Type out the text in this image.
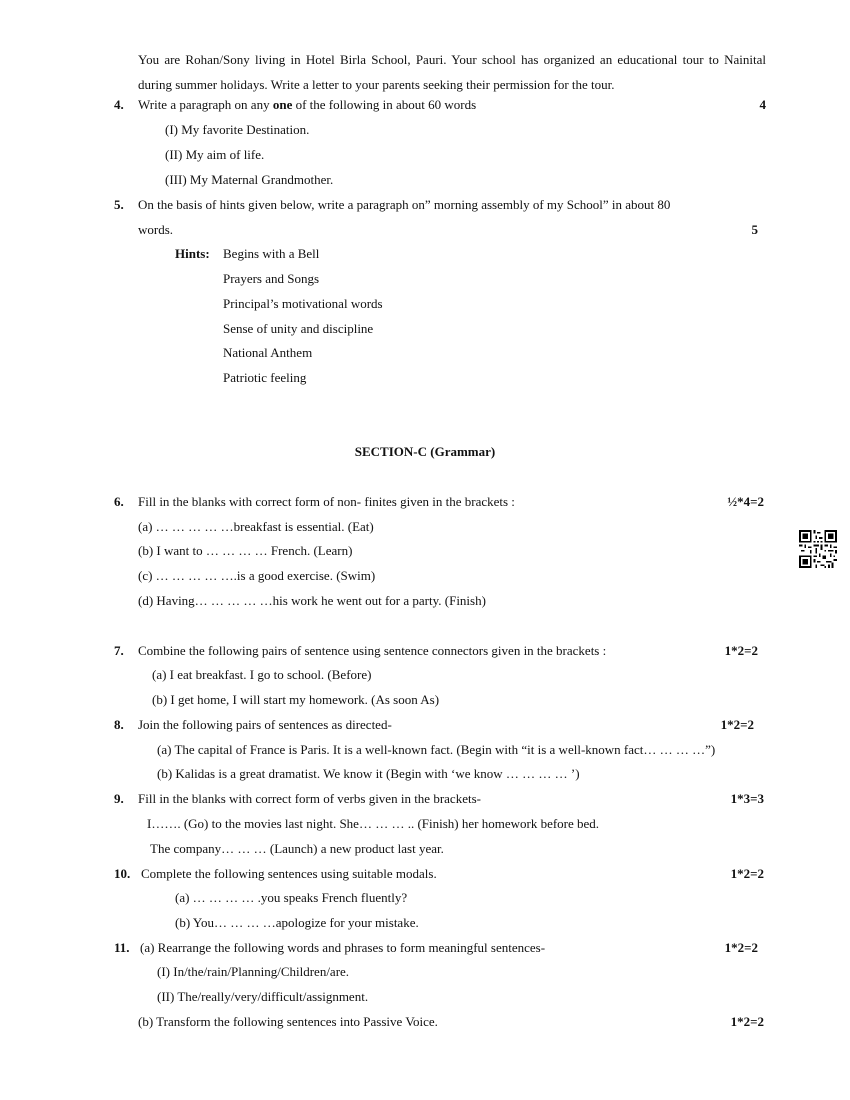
You are Rohan/Sony living in Hotel Birla School, Pauri. Your school has organized an educational tour to Nainital during summer holidays. Write a letter to your parents seeking their permission for the tour.
4. Write a paragraph on any one of the following in about 60 words	4
(I) My favorite Destination.
(II) My aim of life.
(III) My Maternal Grandmother.
5. On the basis of hints given below, write a paragraph on” morning assembly of my School” in about 80
words.	5
Hints: Begins with a Bell
Prayers and Songs
Principal’s motivational words
Sense of unity and discipline
National Anthem
Patriotic feeling
SECTION-C (Grammar)
6. Fill in the blanks with correct form of non- finites given in the brackets :	½*4=2
(a) … … … … …breakfast is essential. (Eat)
(b) I want to … … … … French. (Learn)
(c) … … … … ….is a good exercise. (Swim)
(d) Having… … … … …his work he went out for a party. (Finish)
7. Combine the following pairs of sentence using sentence connectors given in the brackets :	1*2=2
(a) I eat breakfast. I go to school. (Before)
(b) I get home, I will start my homework. (As soon As)
8. Join the following pairs of sentences as directed-	1*2=2
(a) The capital of France is Paris. It is a well-known fact. (Begin with “it is a well-known fact… … … …”)
(b) Kalidas is a great dramatist. We know it (Begin with ‘we know … … … … ’)
9. Fill in the blanks with correct form of verbs given in the brackets-	1*3=3
I……. (Go) to the movies last night. She… … … .. (Finish) her homework before bed.
The company… … … (Launch) a new product last year.
10. Complete the following sentences using suitable modals.	1*2=2
(a) … … … … .you speaks French fluently?
(b) You… … … …apologize for your mistake.
11. (a) Rearrange the following words and phrases to form meaningful sentences-	1*2=2
(I) In/the/rain/Planning/Children/are.
(II) The/really/very/difficult/assignment.
(b) Transform the following sentences into Passive Voice.	1*2=2
